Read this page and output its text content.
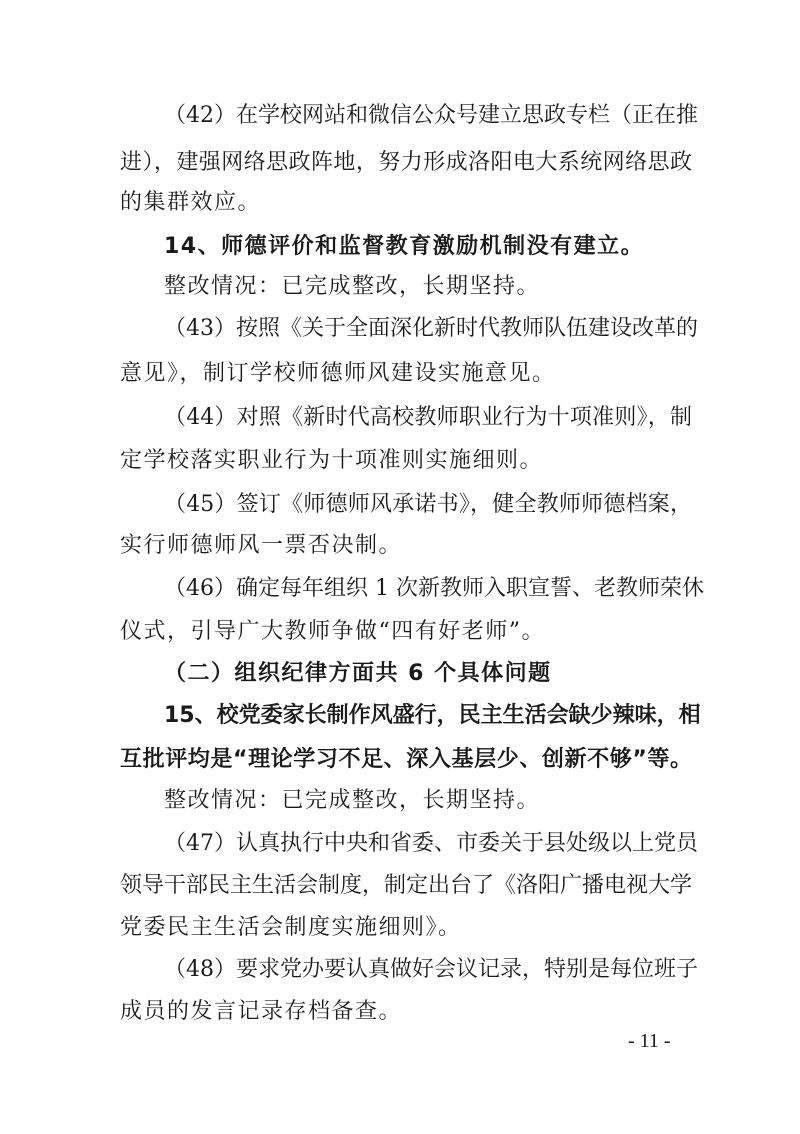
（42）在学校网站和微信公众号建立思政专栏（正在推
进），建强网络思政阵地，努力形成洛阳电大系统网络思政
的集群效应。
14、师德评价和监督教育激励机制没有建立。
整改情况：已完成整改，长期坚持。
（43）按照《关于全面深化新时代教师队伍建设改革的
意见》，制订学校师德师风建设实施意见。
（44）对照《新时代高校教师职业行为十项准则》，制
定学校落实职业行为十项准则实施细则。
（45）签订《师德师风承诺书》，健全教师师德档案，
实行师德师风一票否决制。
（46）确定每年组织 1 次新教师入职宣誓、老教师荣休
仪式，引导广大教师争做“四有好老师”。
（二）组织纪律方面共 6 个具体问题
15、校党委家长制作风盛行，民主生活会缺少辣味，相
互批评均是“理论学习不足、深入基层少、创新不够”等。
整改情况：已完成整改，长期坚持。
（47）认真执行中央和省委、市委关于县处级以上党员
领导干部民主生活会制度，制定出台了《洛阳广播电视大学
党委民主生活会制度实施细则》。
（48）要求党办要认真做好会议记录，特别是每位班子
成员的发言记录存档备查。
- 11 -
